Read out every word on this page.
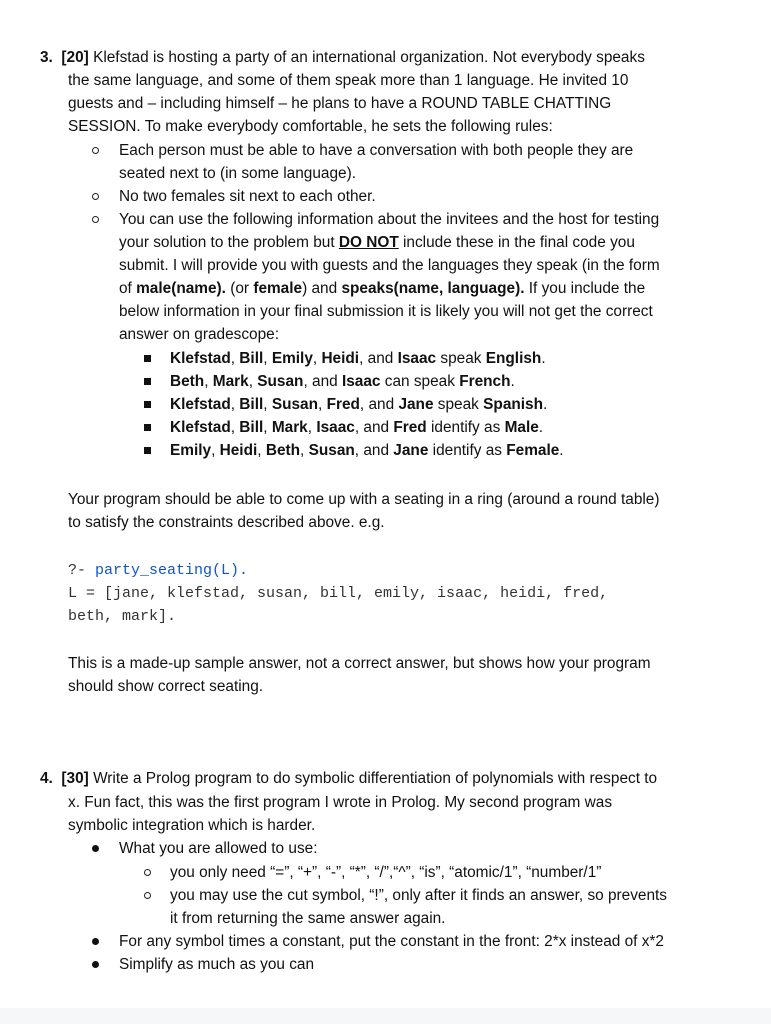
3. [20] Klefstad is hosting a party of an international organization. Not everybody speaks
the same language, and some of them speak more than 1 language. He invited 10
guests and – including himself – he plans to have a ROUND TABLE CHATTING
SESSION. To make everybody comfortable, he sets the following rules:
Each person must be able to have a conversation with both people they are
seated next to (in some language).
No two females sit next to each other.
You can use the following information about the invitees and the host for testing
your solution to the problem but DO NOT include these in the final code you
submit. I will provide you with guests and the languages they speak (in the form
of male(name). (or female) and speaks(name, language). If you include the
below information in your final submission it is likely you will not get the correct
answer on gradescope:
Klefstad, Bill, Emily, Heidi, and Isaac speak English.
Beth, Mark, Susan, and Isaac can speak French.
Klefstad, Bill, Susan, Fred, and Jane speak Spanish.
Klefstad, Bill, Mark, Isaac, and Fred identify as Male.
Emily, Heidi, Beth, Susan, and Jane identify as Female.
Your program should be able to come up with a seating in a ring (around a round table)
to satisfy the constraints described above. e.g.
?- party_seating(L).
L = [jane, klefstad, susan, bill, emily, isaac, heidi, fred,
beth, mark].
This is a made-up sample answer, not a correct answer, but shows how your program
should show correct seating.
4. [30] Write a Prolog program to do symbolic differentiation of polynomials with respect to
x. Fun fact, this was the first program I wrote in Prolog. My second program was
symbolic integration which is harder.
What you are allowed to use:
you only need “=”, “+”, “-”, “*”, “/”,“^”, “is”, “atomic/1”, “number/1”
you may use the cut symbol, “!”, only after it finds an answer, so prevents
it from returning the same answer again.
For any symbol times a constant, put the constant in the front: 2*x instead of x*2
Simplify as much as you can
